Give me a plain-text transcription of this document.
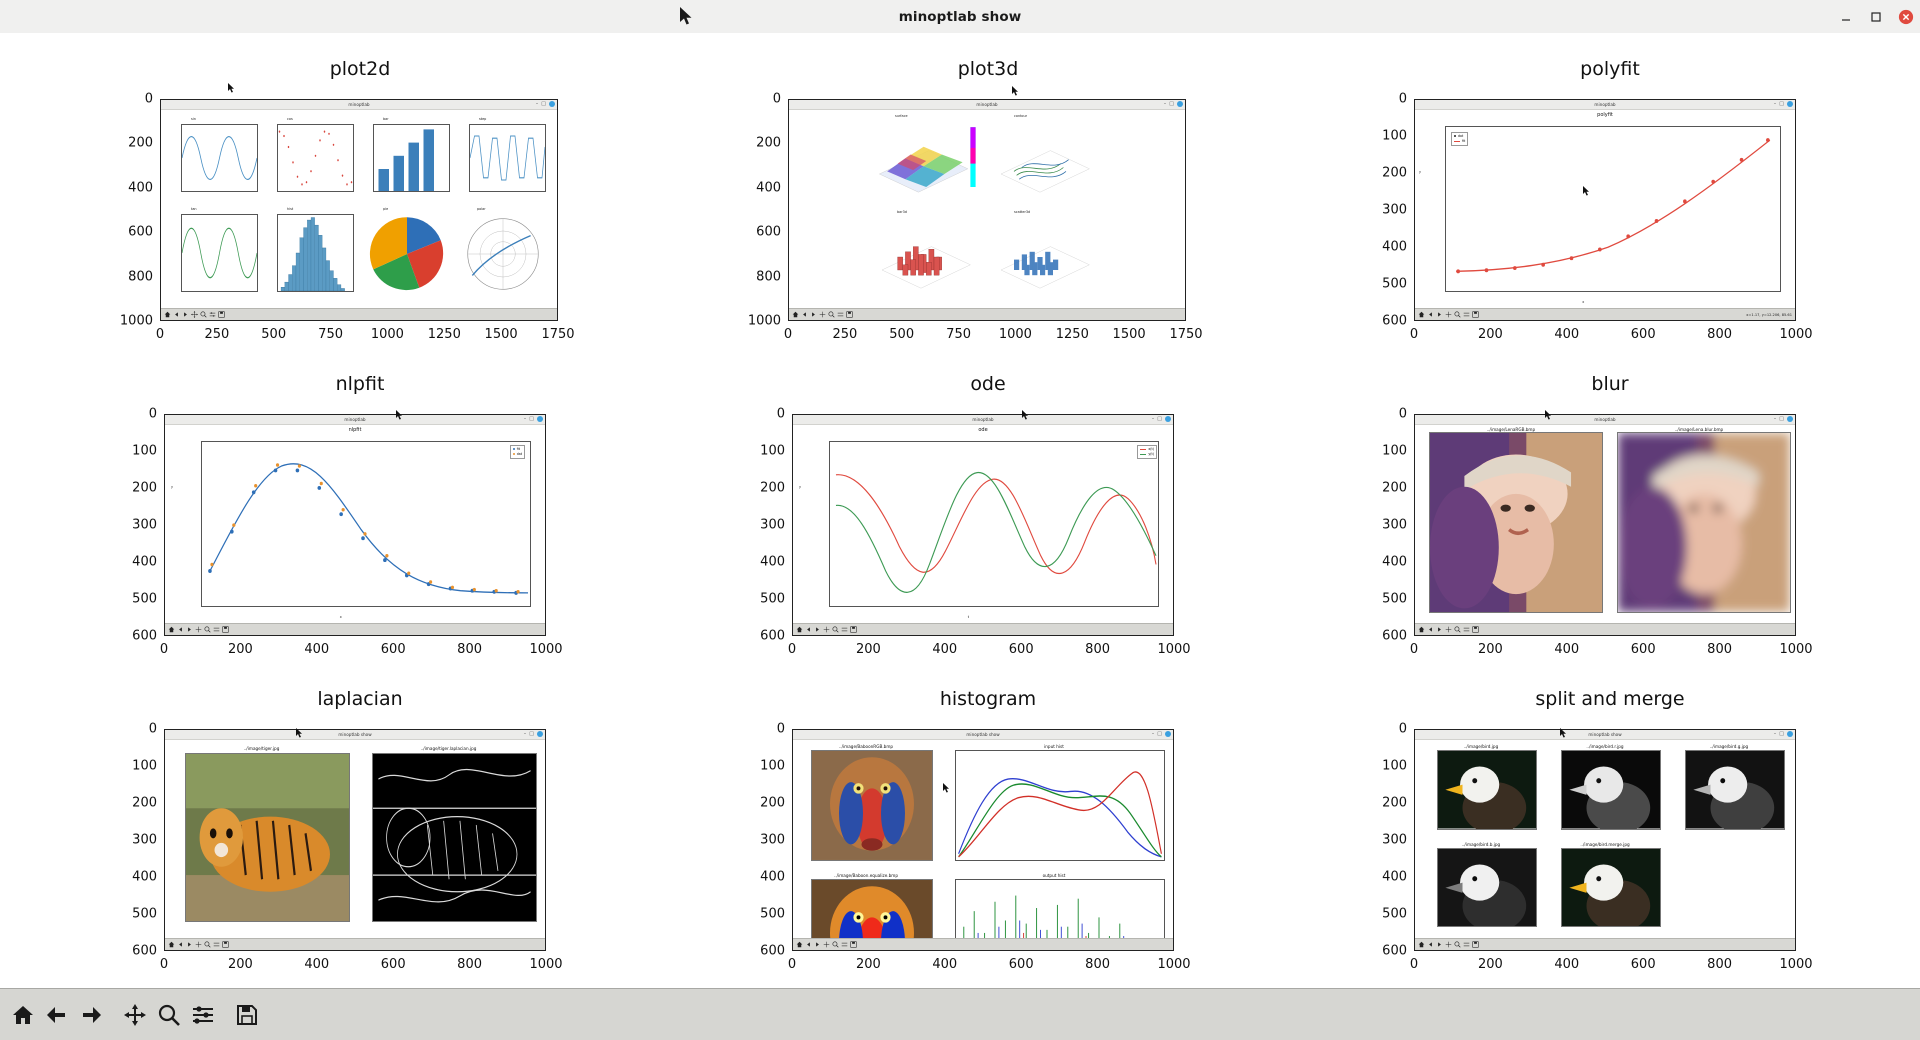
minoptlab show
plot2d
minoptlab	– □
sin	cos	bar	step
tan	hist	pie	polar
0
200
400
600
800
1000
0	250 500 750 1000 1250 1500 1750
plot3d
minoptlab	– □
surface	contour
bar3d	scatter3d
0
200
400
600
800
1000
0	250 500 750 1000 1250 1500 1750
polyfit
minoptlab	– □
polyfit
dot
fit
y
x
x=1.17, y=12.206, 85.61
0
100
200
300
400
500
600
0	200	400	600	800	1000
nlpfit
minoptlab	– □
nlpfit
fit
dat
y
x
0
100
200
300
400
500
600
0	200	400	600	800	1000
ode
minoptlab	– □
ode
x(t)
y(t)
y
t
0
100
200
300
400
500
600
0	200	400	600	800	1000
blur
minoptlab	– □
../image/LenaRGB.bmp	../image/Lena.blur.bmp
0
100
200
300
400
500
600
0	200	400	600	800	1000
laplacian
minoptlab show	– □
../image/tiger.jpg	../image/tiger.laplacian.jpg
0
100
200
300
400
500
600
0	200	400	600	800	1000
histogram
minoptlab show	– □
../image/BaboonRGB.bmp	input hist
../image/Baboon.equalize.bmp	output hist
0
100
200
300
400
500
600
0	200	400	600	800	1000
split and merge
minoptlab show	– □
../image/bird.jpg	../image/bird.r.jpg	../image/bird.g.jpg
../image/bird.b.jpg	../image/bird.merge.jpg
0
100
200
300
400
500
600
0	200	400	600	800	1000
